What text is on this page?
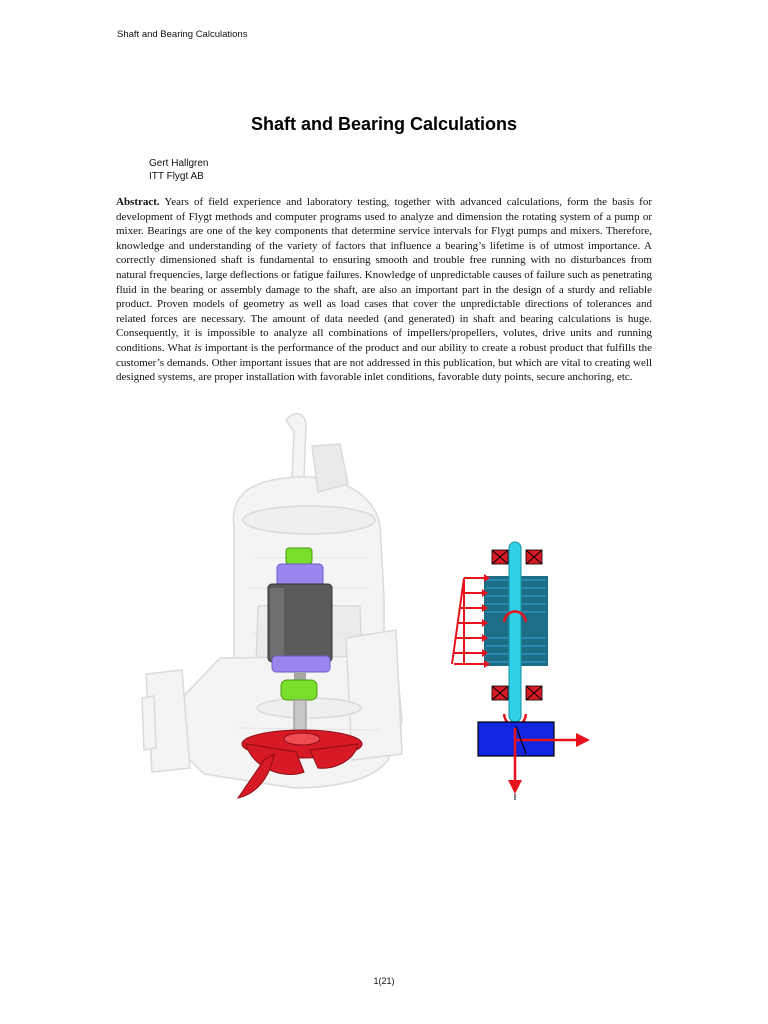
Shaft and Bearing Calculations
Shaft and Bearing Calculations
Gert Hallgren
ITT Flygt AB

Abstract. Years of field experience and laboratory testing, together with advanced calculations, form the basis for development of Flygt methods and computer programs used to analyze and dimension the rotating system of a pump or mixer. Bearings are one of the key components that determine service intervals for Flygt pumps and mixers. Therefore, knowledge and understanding of the variety of factors that influence a bearing’s lifetime is of utmost importance. A correctly dimensioned shaft is fundamental to ensuring smooth and trouble free running with no disturbances from natural frequencies, large deflections or fatigue failures. Knowledge of unpredictable causes of failure such as penetrating fluid in the bearing or assembly damage to the shaft, are also an important part in the design of a sturdy and reliable product. Proven models of geometry as well as load cases that cover the unpredictable directions of tolerances and related forces are necessary. The amount of data needed (and generated) in shaft and bearing calculations is huge. Consequently, it is impossible to analyze all combinations of impellers/propellers, volutes, drive units and running conditions. What is important is the performance of the product and our ability to create a robust product that fulfills the customer’s demands. Other important issues that are not addressed in this publication, but which are vital to creating well designed systems, are proper installation with favorable inlet conditions, favorable duty points, secure anchoring, etc.

1(21)
